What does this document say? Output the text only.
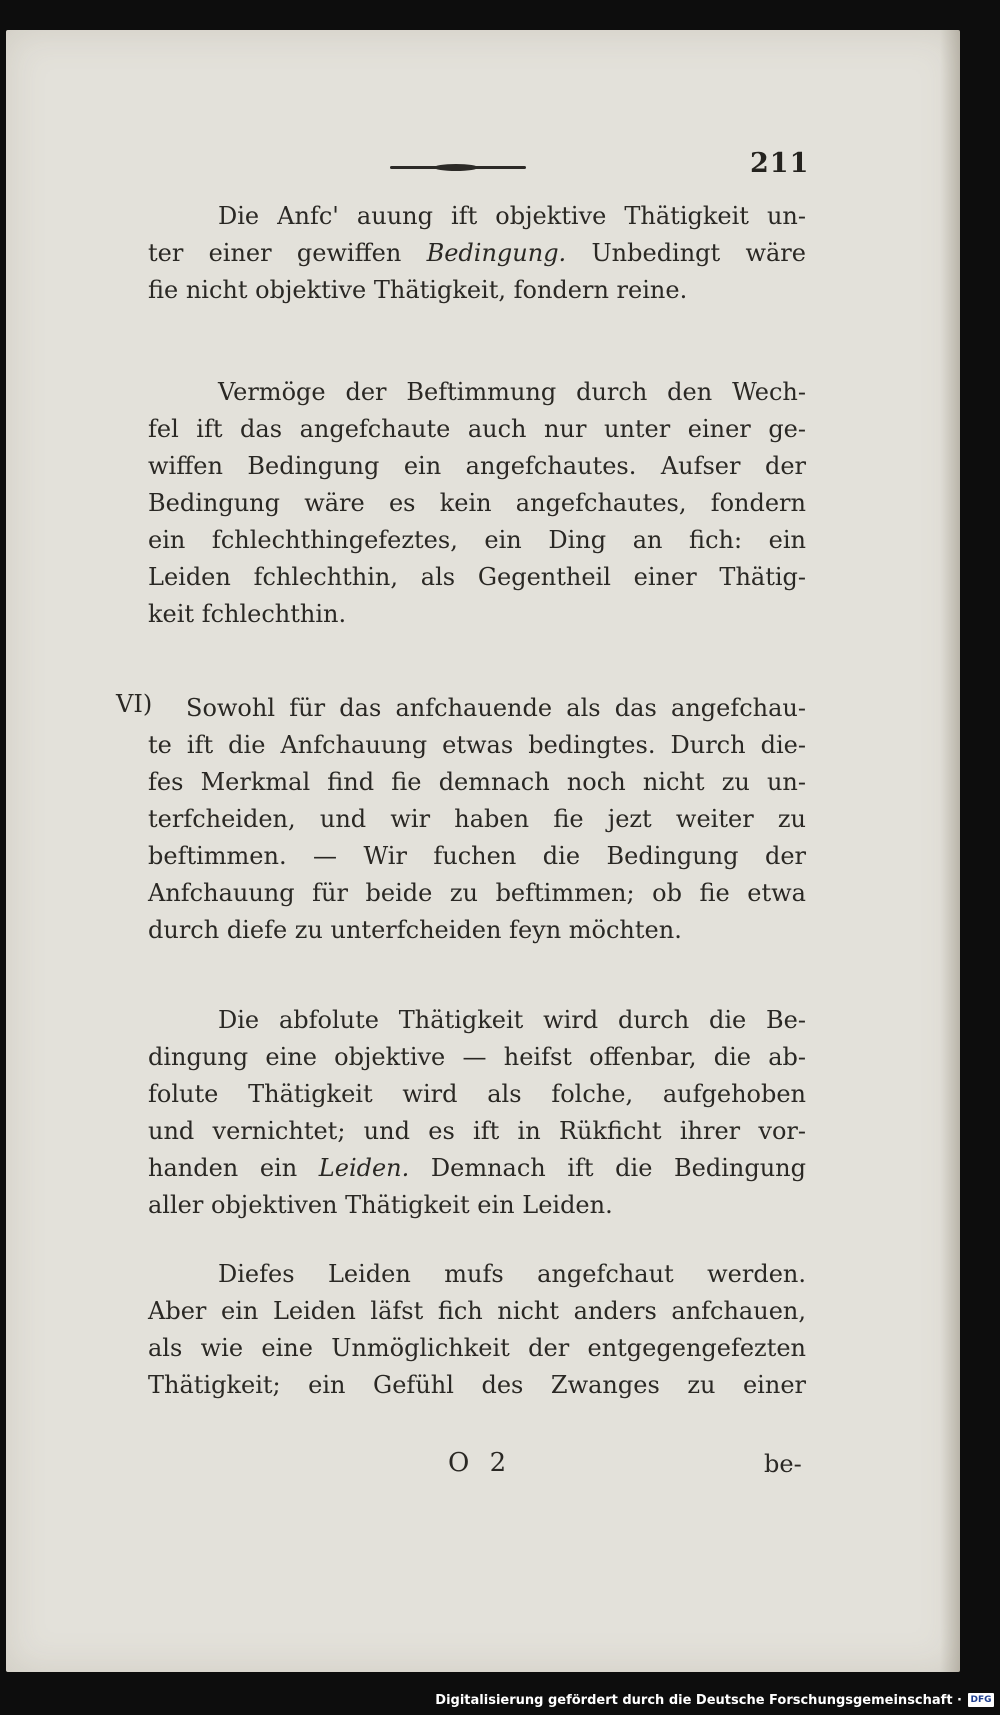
211
Die Anfc' auung ift objektive Thätigkeit un-
ter einer gewiffen Bedingung. Unbedingt wäre
fie nicht objektive Thätigkeit, fondern reine.
Vermöge der Beftimmung durch den Wech-
fel ift das angefchaute auch nur unter einer ge-
wiffen Bedingung ein angefchautes. Aufser der
Bedingung wäre es kein angefchautes, fondern
ein fchlechthingefeztes, ein Ding an fich: ein
Leiden fchlechthin, als Gegentheil einer Thätig-
keit fchlechthin.
VI)	Sowohl für das anfchauende als das angefchau-
te ift die Anfchauung etwas bedingtes. Durch die-
fes Merkmal find fie demnach noch nicht zu un-
terfcheiden, und wir haben fie jezt weiter zu
beftimmen. — Wir fuchen die Bedingung der
Anfchauung für beide zu beftimmen; ob fie etwa
durch diefe zu unterfcheiden feyn möchten.
Die abfolute Thätigkeit wird durch die Be-
dingung eine objektive — heifst offenbar, die ab-
folute Thätigkeit wird als folche, aufgehoben
und vernichtet; und es ift in Rükficht ihrer vor-
handen ein Leiden. Demnach ift die Bedingung
aller objektiven Thätigkeit ein Leiden.
Diefes Leiden mufs angefchaut werden.
Aber ein Leiden läfst fich nicht anders anfchauen,
als wie eine Unmöglichkeit der entgegengefezten
Thätigkeit; ein Gefühl des Zwanges zu einer
O 2	be-
Digitalisierung gefördert durch die Deutsche Forschungsgemeinschaft · DFG
